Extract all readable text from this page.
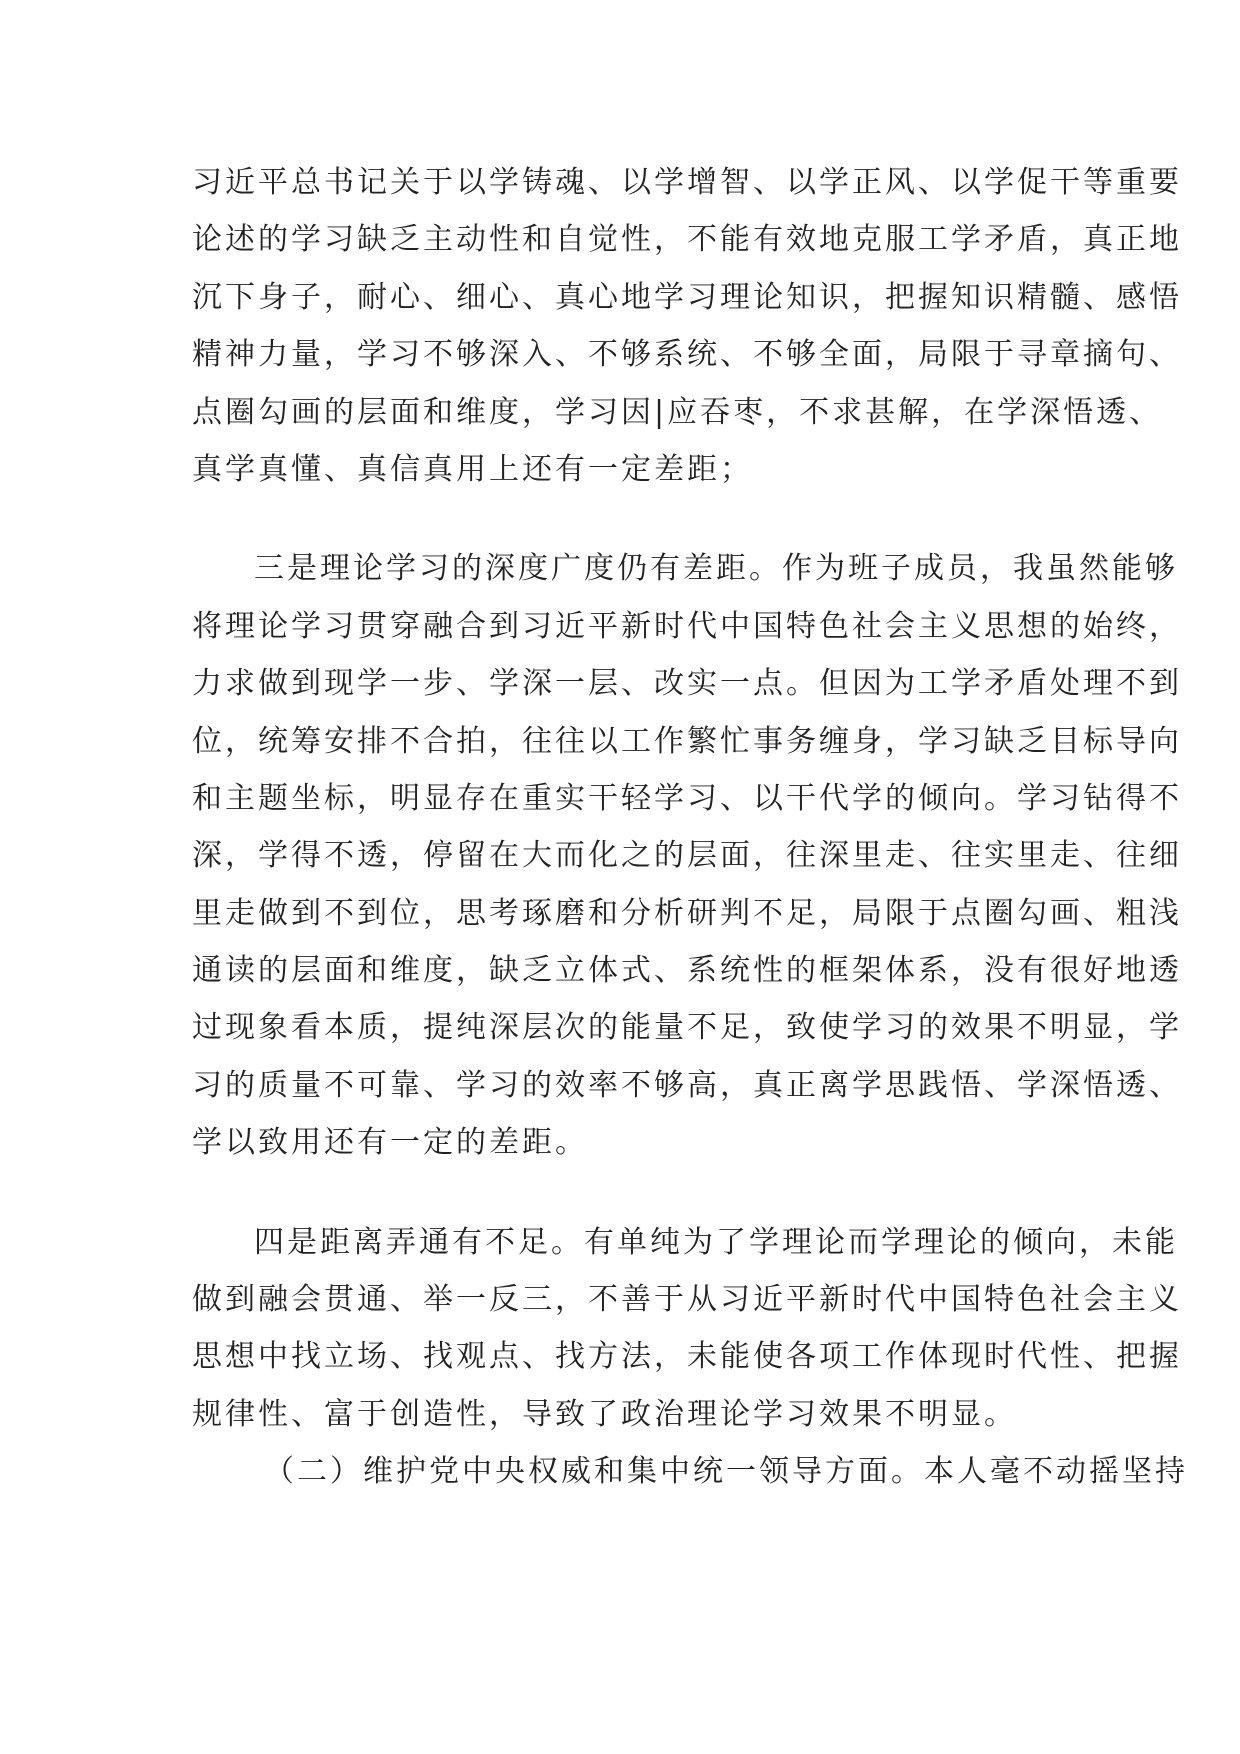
习近平总书记关于以学铸魂、以学增智、以学正风、以学促干等重要
论述的学习缺乏主动性和自觉性，不能有效地克服工学矛盾，真正地
沉下身子，耐心、细心、真心地学习理论知识，把握知识精髓、感悟
精神力量，学习不够深入、不够系统、不够全面，局限于寻章摘句、
点圈勾画的层面和维度，学习因|应吞枣，不求甚解，在学深悟透、
真学真懂、真信真用上还有一定差距；
三是理论学习的深度广度仍有差距。作为班子成员，我虽然能够
将理论学习贯穿融合到习近平新时代中国特色社会主义思想的始终，
力求做到现学一步、学深一层、改实一点。但因为工学矛盾处理不到
位，统筹安排不合拍，往往以工作繁忙事务缠身，学习缺乏目标导向
和主题坐标，明显存在重实干轻学习、以干代学的倾向。学习钻得不
深，学得不透，停留在大而化之的层面，往深里走、往实里走、往细
里走做到不到位，思考琢磨和分析研判不足，局限于点圈勾画、粗浅
通读的层面和维度，缺乏立体式、系统性的框架体系，没有很好地透
过现象看本质，提纯深层次的能量不足，致使学习的效果不明显，学
习的质量不可靠、学习的效率不够高，真正离学思践悟、学深悟透、
学以致用还有一定的差距。
四是距离弄通有不足。有单纯为了学理论而学理论的倾向，未能
做到融会贯通、举一反三，不善于从习近平新时代中国特色社会主义
思想中找立场、找观点、找方法，未能使各项工作体现时代性、把握
规律性、富于创造性，导致了政治理论学习效果不明显。
（二）维护党中央权威和集中统一领导方面。本人毫不动摇坚持
